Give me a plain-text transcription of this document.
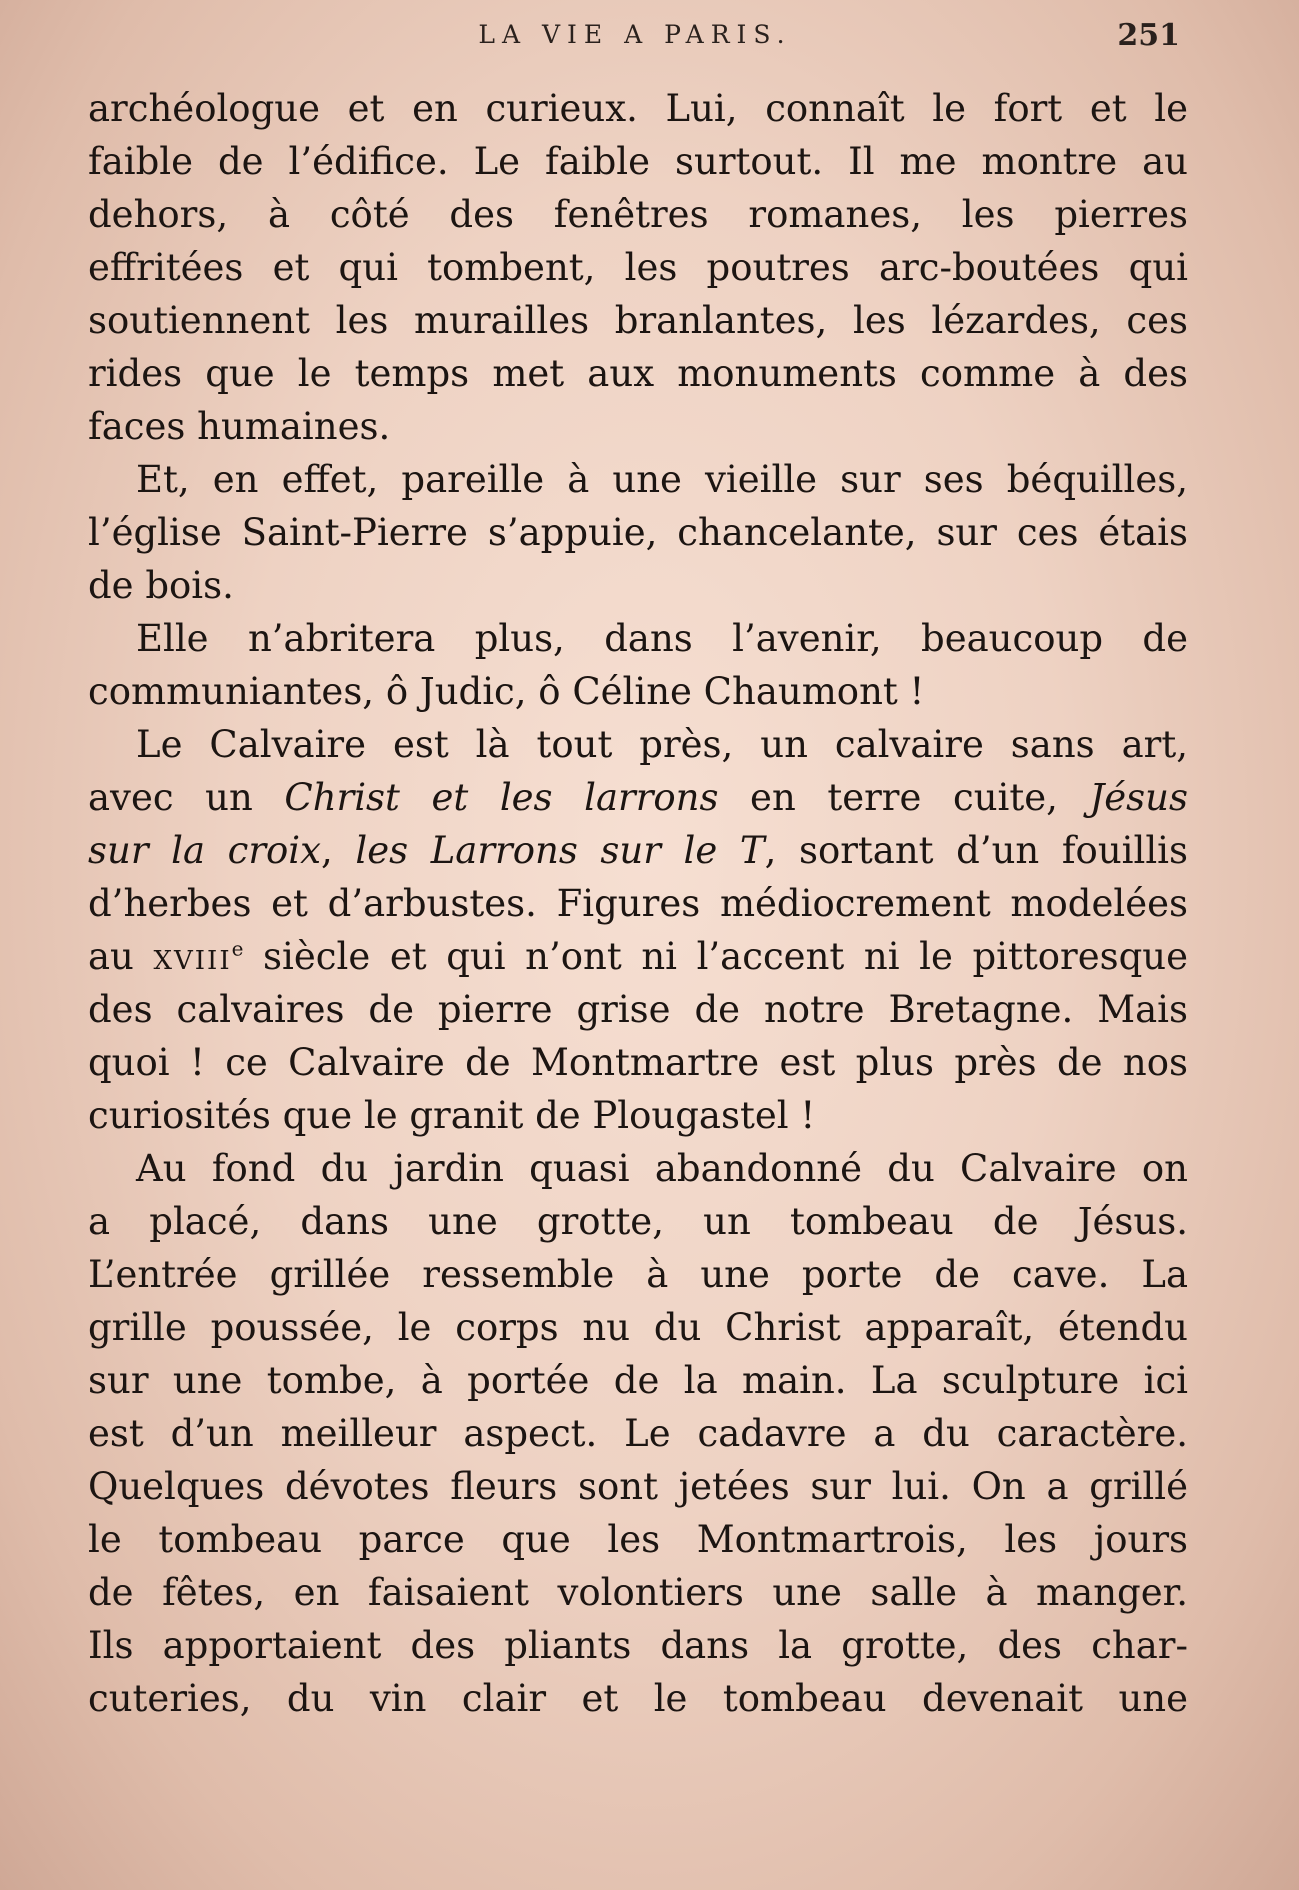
LA VIE A PARIS.	251
archéologue et en curieux. Lui, connaît le fort et le
faible de l’édifice. Le faible surtout. Il me montre au
dehors, à côté des fenêtres romanes, les pierres
effritées et qui tombent, les poutres arc-boutées qui
soutiennent les murailles branlantes, les lézardes, ces
rides que le temps met aux monuments comme à des
faces humaines.
Et, en effet, pareille à une vieille sur ses béquilles,
l’église Saint-Pierre s’appuie, chancelante, sur ces étais
de bois.
Elle n’abritera plus, dans l’avenir, beaucoup de
communiantes, ô Judic, ô Céline Chaumont !
Le Calvaire est là tout près, un calvaire sans art,
avec un Christ et les larrons en terre cuite, Jésus
sur la croix, les Larrons sur le T, sortant d’un fouillis
d’herbes et d’arbustes. Figures médiocrement modelées
au XVIIIe siècle et qui n’ont ni l’accent ni le pittoresque
des calvaires de pierre grise de notre Bretagne. Mais
quoi ! ce Calvaire de Montmartre est plus près de nos
curiosités que le granit de Plougastel !
Au fond du jardin quasi abandonné du Calvaire on
a placé, dans une grotte, un tombeau de Jésus.
L’entrée grillée ressemble à une porte de cave. La
grille poussée, le corps nu du Christ apparaît, étendu
sur une tombe, à portée de la main. La sculpture ici
est d’un meilleur aspect. Le cadavre a du caractère.
Quelques dévotes fleurs sont jetées sur lui. On a grillé
le tombeau parce que les Montmartrois, les jours
de fêtes, en faisaient volontiers une salle à manger.
Ils apportaient des pliants dans la grotte, des char-
cuteries, du vin clair et le tombeau devenait une
